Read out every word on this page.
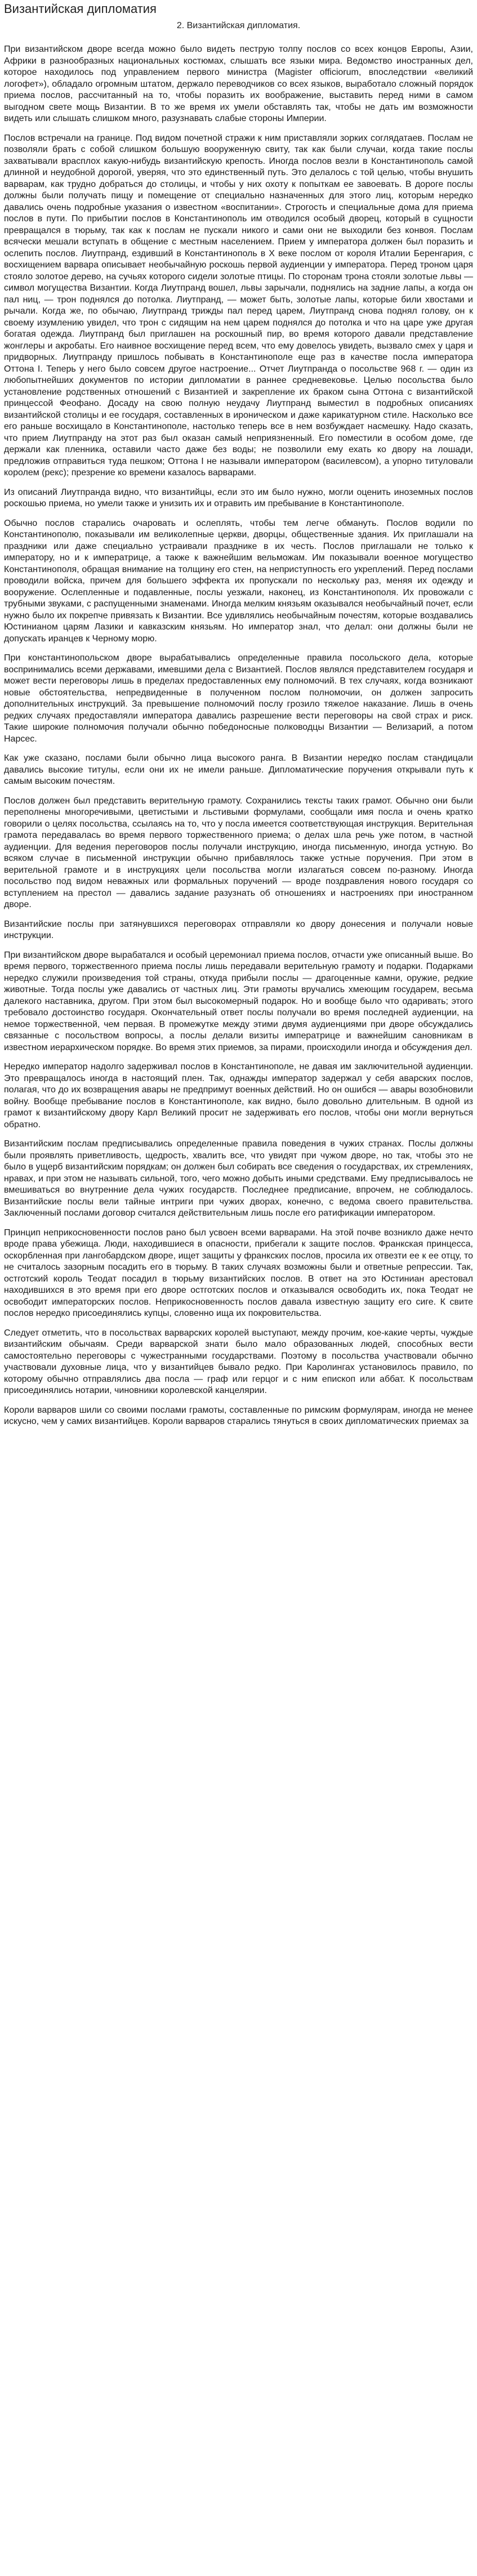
Византийская дипломатия
2. Византийская дипломатия.

При византийском дворе всегда можно было видеть пеструю толпу послов со всех концов Европы, Азии, Африки в разнообразных национальных костюмах, слышать все языки мира. Ведомство иностранных дел, которое находилось под управлением первого министра (Magister officiorum, впоследствии «великий логофет»), обладало огромным штатом, держало переводчиков со всех языков, выработало сложный порядок приема послов, рассчитанный на то, чтобы поразить их воображение, выставить перед ними в самом выгодном свете мощь Византии. В то же время их умели обставлять так, чтобы не дать им возможности видеть или слышать слишком много, разузнавать слабые стороны Империи.

Послов встречали на границе. Под видом почетной стражи к ним приставляли зорких соглядатаев. Послам не позволяли брать с собой слишком большую вооруженную свиту, так как были случаи, когда такие послы захватывали врасплох какую-нибудь византийскую крепость. Иногда послов везли в Константинополь самой длинной и неудобной дорогой, уверяя, что это единственный путь. Это делалось с той целью, чтобы внушить варварам, как трудно добраться до столицы, и чтобы у них охоту к попыткам ее завоевать. В дороге послы должны были получать пищу и помещение от специально назначенных для этого лиц, которым нередко давались очень подробные указания о известном «воспитании». Строгость и специальные дома для приема послов в пути. По прибытии послов в Константинополь им отводился особый дворец, который в сущности превращался в тюрьму, так как к послам не пускали никого и сами они не выходили без конвоя. Послам всячески мешали вступать в общение с местным населением. Прием у императора должен был поразить и ослепить послов. Лиутпранд, ездивший в Константинополь в X веке послом от короля Италии Беренгария, с восхищением варвара описывает необычайную роскошь первой аудиенции у императора. Перед троном царя стояло золотое дерево, на сучьях которого сидели золотые птицы. По сторонам трона стояли золотые львы — символ могущества Византии. Когда Лиутпранд вошел, львы зарычали, поднялись на задние лапы, а когда он пал ниц, — трон поднялся до потолка. Лиутпранд, — может быть, золотые лапы, которые били хвостами и рычали. Когда же, по обычаю, Лиутпранд трижды пал перед царем, Лиутпранд снова поднял голову, он к своему изумлению увидел, что трон с сидящим на нем царем поднялся до потолка и что на царе уже другая богатая одежда. Лиутпранд был приглашен на роскошный пир, во время которого давали представление жонглеры и акробаты. Его наивное восхищение перед всем, что ему довелось увидеть, вызвало смех у царя и придворных. Лиутпранду пришлось побывать в Константинополе еще раз в качестве посла императора Оттона I. Теперь у него было совсем другое настроение... Отчет Лиутпранда о посольстве 968 г. — один из любопытнейших документов по истории дипломатии в раннее средневековье. Целью посольства было установление родственных отношений с Византией и закрепление их браком сына Оттона с византийской принцессой Феофано. Досаду на свою полную неудачу Лиутпранд выместил в подробных описаниях византийской столицы и ее государя, составленных в ироническом и даже карикатурном стиле. Насколько все его раньше восхищало в Константинополе, настолько теперь все в нем возбуждает насмешку. Надо сказать, что прием Лиутпранду на этот раз был оказан самый неприязненный. Его поместили в особом доме, где держали как пленника, оставили часто даже без воды; не позволили ему ехать ко двору на лошади, предложив отправиться туда пешком; Оттона I не называли императором (василевсом), а упорно титуловали королем (рекс); презрение ко времени казалось варварами.

Из описаний Лиутпранда видно, что византийцы, если это им было нужно, могли оценить иноземных послов роскошью приема, но умели также и унизить их и отравить им пребывание в Константинополе.

Обычно послов старались очаровать и ослеплять, чтобы тем легче обмануть. Послов водили по Константинополю, показывали им великолепные церкви, дворцы, общественные здания. Их приглашали на праздники или даже специально устраивали празднике в их честь. Послов приглашали не только к императору, но и к императрице, а также к важнейшим вельможам. Им показывали военное могущество Константинополя, обращая внимание на толщину его стен, на неприступность его укреплений. Перед послами проводили войска, причем для большего эффекта их пропускали по нескольку раз, меняя их одежду и вооружение. Ослепленные и подавленные, послы уезжали, наконец, из Константинополя. Их провожали с трубными звуками, с распущенными знаменами. Иногда мелким князьям оказывался необычайный почет, если нужно было их покрепче привязать к Византии. Все удивлялись необычайным почестям, которые воздавались Юстинианом царям Лазики и кавказским князьям. Но император знал, что делал: они должны были не допускать иранцев к Черному морю.

При константинопольском дворе вырабатывались определенные правила посольского дела, которые воспринимались всеми державами, имевшими дела с Византией. Послов являлся представителем государя и может вести переговоры лишь в пределах предоставленных ему полномочий. В тех случаях, когда возникают новые обстоятельства, непредвиденные в полученном послом полномочии, он должен запросить дополнительных инструкций. За превышение полномочий послу грозило тяжелое наказание. Лишь в очень редких случаях предоставляли императора давались разрешение вести переговоры на свой страх и риск. Такие широкие полномочия получали обычно победоносные полководцы Византии — Велизарий, а потом Нарсес.

Как уже сказано, послами были обычно лица высокого ранга. В Византии нередко послам стандицали давались высокие титулы, если они их не имели раньше. Дипломатические поручения открывали путь к самым высоким почестям.

Послов должен был представить верительную грамоту. Сохранились тексты таких грамот. Обычно они были переполнены многоречивыми, цветистыми и льстивыми формулами, сообщали имя посла и очень кратко говорили о целях посольства, ссылаясь на то, что у посла имеется соответствующая инструкция. Верительная грамота передавалась во время первого торжественного приема; о делах шла речь уже потом, в частной аудиенции. Для ведения переговоров послы получали инструкцию, иногда письменную, иногда устную. Во всяком случае в письменной инструкции обычно прибавлялось также устные поручения. При этом в верительной грамоте и в инструкциях цели посольства могли излагаться совсем по-разному. Иногда посольство под видом неважных или формальных поручений — вроде поздравления нового государя со вступлением на престол — давались задание разузнать об отношениях и настроениях при иностранном дворе.

Византийские послы при затянувшихся переговорах отправляли ко двору донесения и получали новые инструкции.

При византийском дворе вырабатался и особый церемониал приема послов, отчасти уже описанный выше. Во время первого, торжественного приема послы лишь передавали верительную грамоту и подарки. Подарками нередко служили произведения той страны, откуда прибыли послы — драгоценные камни, оружие, редкие животные. Тогда послы уже давались от частных лиц. Эти грамоты вручались хмеющим государем, весьма далекого наставника, другом. При этом был высокомерный подарок. Но и вообще было что одаривать; этого требовало достоинство государя. Окончательный ответ послы получали во время последней аудиенции, на немое торжественной, чем первая. В промежутке между этими двумя аудиенциями при дворе обсуждались связанные с посольством вопросы, а послы делали визиты императрице и важнейшим сановникам в известном иерархическом порядке. Во время этих приемов, за пирами, происходили иногда и обсуждения дел.

Нередко император надолго задерживал послов в Константинополе, не давая им заключительной аудиенции. Это превращалось иногда в настоящий плен. Так, однажды император задержал у себя аварских послов, полагая, что до их возвращения авары не предпримут военных действий. Но он ошибся — авары возобновили войну. Вообще пребывание послов в Константинополе, как видно, было довольно длительным. В одной из грамот к византийскому двору Карл Великий просит не задерживать его послов, чтобы они могли вернуться обратно.

Византийским послам предписывались определенные правила поведения в чужих странах. Послы должны были проявлять приветливость, щедрость, хвалить все, что увидят при чужом дворе, но так, чтобы это не было в ущерб византийским порядкам; он должен был собирать все сведения о государствах, их стремлениях, нравах, и при этом не называть сильной, того, чего можно добыть иными средствами. Ему предписывалось не вмешиваться во внутренние дела чужих государств. Последнее предписание, впрочем, не соблюдалось. Византийские послы вели тайные интриги при чужих дворах, конечно, с ведома своего правительства. Заключенный послами договор считался действительным лишь после его ратификации императором.

Принцип неприкосновенности послов рано был усвоен всеми варварами. На этой почве возникло даже нечто вроде права убежища. Люди, находившиеся в опасности, прибегали к защите послов. Франкская принцесса, оскорбленная при лангобардском дворе, ищет защиты у франкских послов, просила их отвезти ее к ее отцу, то не считалось зазорным посадить его в тюрьму. В таких случаях возможны были и ответные репрессии. Так, остготский король Теодат посадил в тюрьму византийских послов. В ответ на это Юстиниан арестовал находившихся в это время при его дворе остготских послов и отказывался освободить их, пока Теодат не освободит императорских послов. Неприкосновенность послов давала известную защиту его сиге. К свите послов нередко присоединялись купцы, словенно ища их покровительства.

Следует отметить, что в посольствах варварских королей выступают, между прочим, кое-какие черты, чуждые византийским обычаям. Среди варварской знати было мало образованных людей, способных вести самостоятельно переговоры с чужестранными государствами. Поэтому в посольства участвовали обычно участвовали духовные лица, что у византийцев бывало редко. При Каролингах установилось правило, по которому обычно отправлялись два посла — граф или герцог и с ним епископ или аббат. К посольствам присоединялись нотарии, чиновники королевской канцелярии.

Короли варваров шили со своими послами грамоты, составленные по римским формулярам, иногда не менее искусно, чем у самих византийцев. Короли варваров старались тянуться в своих дипломатических приемах за
